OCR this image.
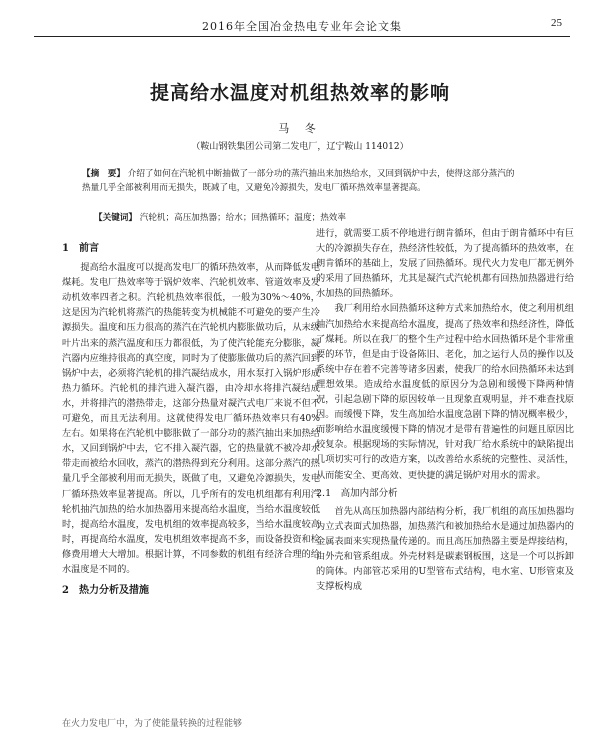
2016年全国冶金热电专业年会论文集	25
提高给水温度对机组热效率的影响
马 冬
（鞍山钢铁集团公司第二发电厂，辽宁鞍山 114012）
【摘　要】 介绍了如何在汽轮机中断抽做了一部分功的蒸汽抽出来加热给水，又回到锅炉中去，使得这部分蒸汽的热量几乎全部被利用而无损失，既减了电，又避免冷源损失，发电厂循环热效率显著提高。
【关键词】 汽轮机；高压加热器；给水；回热循环；温度；热效率
1　前言

提高给水温度可以提高发电厂的循环热效率，从而降低发电煤耗。发电厂热效率等于锅炉效率、汽轮机效率、管道效率及发动机效率四者之积。汽轮机热效率很低，一般为30%～40%，这是因为汽轮机将蒸汽的热能转变为机械能不可避免的要产生冷源损失。温度和压力很高的蒸汽在汽轮机内膨胀做功后，从末级叶片出来的蒸汽温度和压力都很低，为了使汽轮能充分膨胀，凝汽器内应维持很高的真空度，同时为了使膨胀做功后的蒸汽回到锅炉中去，必须将汽轮机的排汽凝结成水，用水泵打入锅炉形成热力循环。汽轮机的排汽进入凝汽器，由冷却水将排汽凝结成水，并将排汽的潜热带走，这部分热量对凝汽式电厂来说不但不可避免，而且无法利用。这就使得发电厂循环热效率只有40%左右。如果将在汽轮机中膨胀做了一部分功的蒸汽抽出来加热给水，又回到锅炉中去，它不排入凝汽器，它的热量就不被冷却水带走而被给水回收，蒸汽的潜热得到充分利用。这部分蒸汽的热量几乎全部被利用而无损失，既做了电，又避免冷源损失，发电厂循环热效率显著提高。所以，几乎所有的发电机组都有利用汽轮机抽汽加热的给水加热器用来提高给水温度，当给水温度较低时，提高给水温度，发电机组的效率提高较多，当给水温度较高时，再提高给水温度，发电机组效率提高不多，而设备投资和检修费用增大大增加。根据计算，不同参数的机组有经济合理的给水温度是不同的。

2　热力分析及措施
在火力发电厂中，为了使能量转换的过程能够

进行，就需要工质不停地进行朗肯循环，但由于朗肯循环中有巨大的冷源损失存在，热经济性较低，为了提高循环的热效率，在朗肯循环的基础上，发展了回热循环。现代火力发电厂都无例外的采用了回热循环，尤其是凝汽式汽轮机都有回热加热器进行给水加热的回热循环。

我厂利用给水回热循环这种方式来加热给水，使之利用机组抽汽加热给水来提高给水温度，提高了热效率和热经济性，降低了煤耗。所以在我厂的整个生产过程中给水回热循环是个非常重要的环节，但是由于设备陈旧、老化，加之运行人员的操作以及系统中存在着不完善等诸多因素，使我厂的给水回热循环未达到理想效果。造成给水温度低的原因分为急剧和缓慢下降两种情况，引起急剧下降的原因较单一且现象直观明显，并不难查找原因。而缓慢下降，发生高加给水温度急剧下降的情况概率极少，而影响给水温度缓慢下降的情况才是带有普遍性的问题且原因比较复杂。根据现场的实际情况，针对我厂给水系统中的缺陷提出几项切实可行的改造方案，以改善给水系统的完整性、灵活性，从而能安全、更高效、更快捷的满足锅炉对用水的需求。

2.1　高加内部分析

首先从高压加热器内部结构分析，我厂机组的高压加热器均为立式表面式加热器，加热蒸汽和被加热给水是通过加热器内的金属表面来实现热量传递的。而且高压加热器主要是焊接结构，由外壳和管系组成。外壳材料是碳素钢板围，这是一个可以拆卸的筒体。内部管芯采用的U型管布式结构，电水室、U形管束及支撑板构成
